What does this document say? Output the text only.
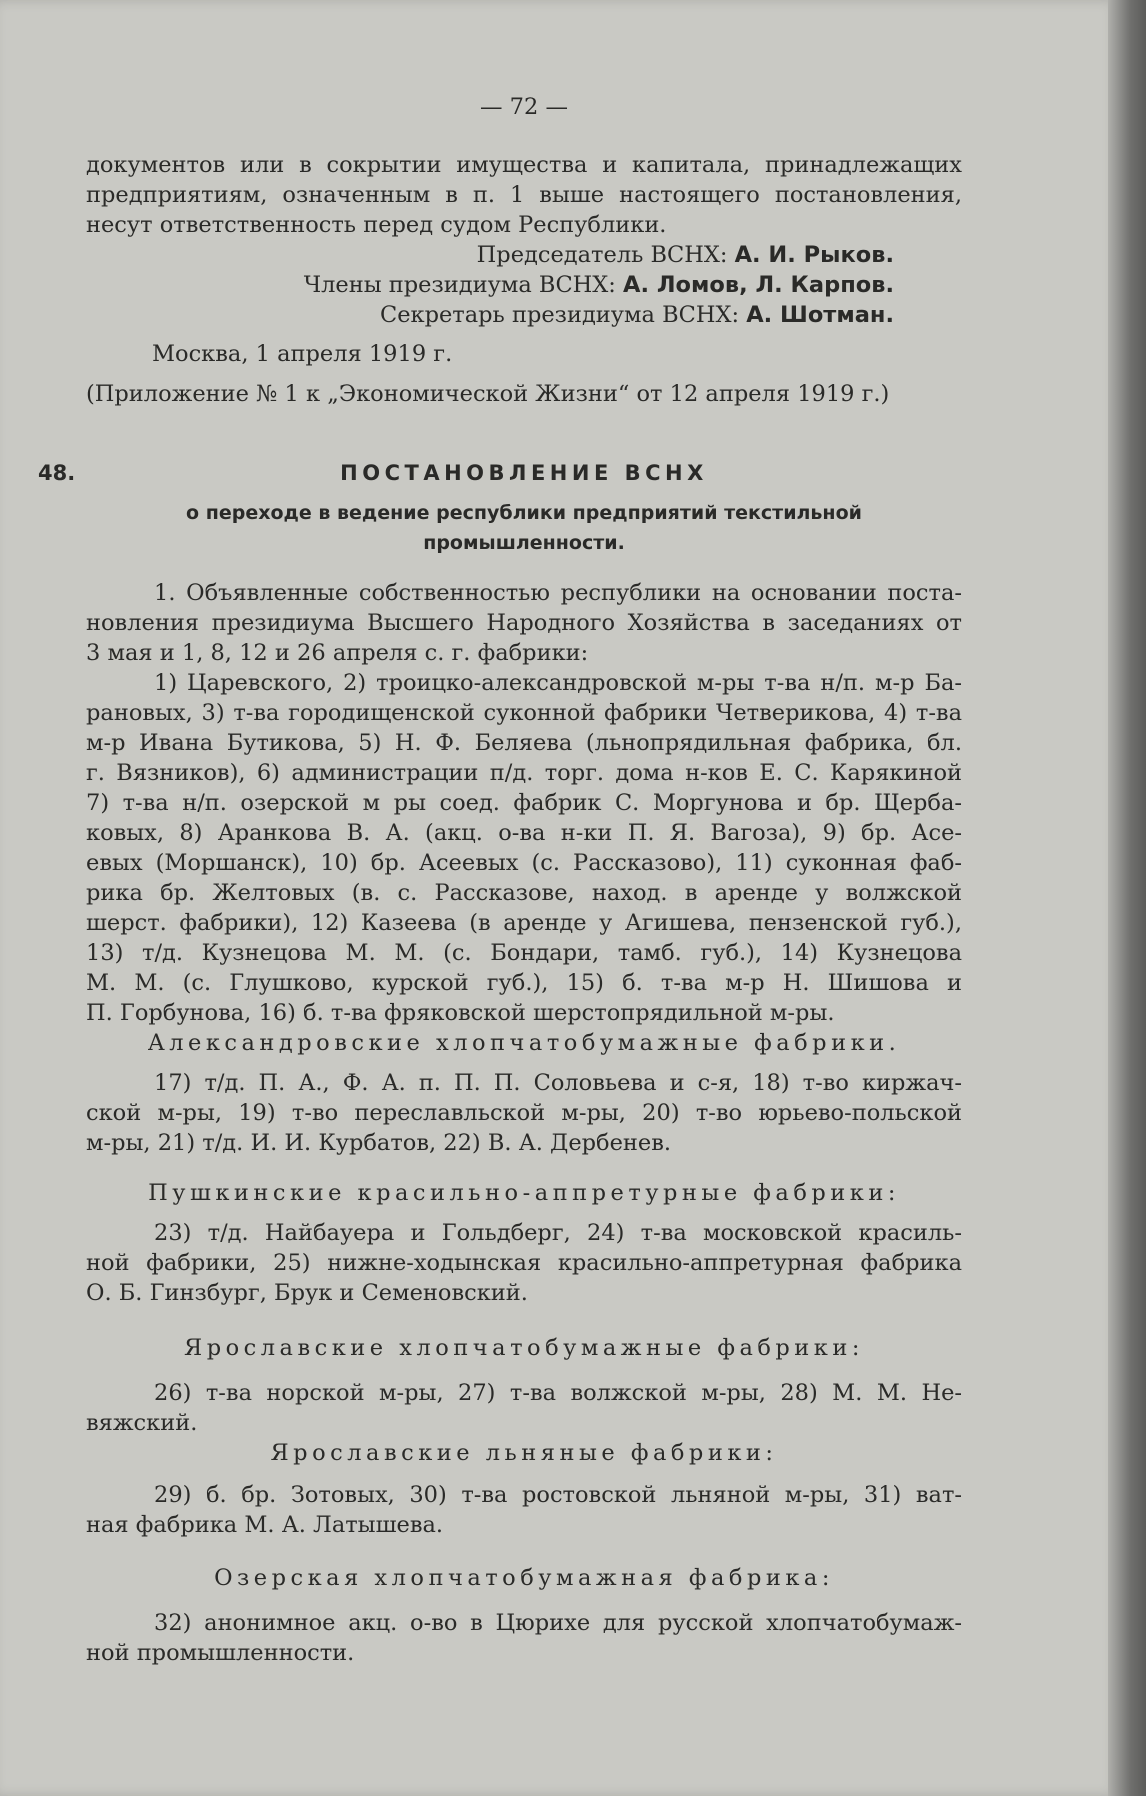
— 72 —
документов или в сокрытии имущества и капитала, принадлежащих
предприятиям, означенным в п. 1 выше настоящего постановления,
несут ответственность перед судом Республики.
Председатель ВСНХ: А. И. Рыков.
Члены президиума ВСНХ: А. Ломов, Л. Карпов.
Секретарь президиума ВСНХ: А. Шотман.
Москва, 1 апреля 1919 г.
(Приложение № 1 к „Экономической Жизни“ от 12 апреля 1919 г.)
48.	ПОСТАНОВЛЕНИЕ ВСНХ
о переходе в ведение республики предприятий текстильной
промышленности.
1. Объявленные собственностью республики на основании поста-
новления президиума Высшего Народного Хозяйства в заседаниях от
3 мая и 1, 8, 12 и 26 апреля с. г. фабрики:
1) Царевского, 2) троицко-александровской м-ры т-ва н/п. м-р Ба-
рановых, 3) т-ва городищенской суконной фабрики Четверикова, 4) т-ва
м-р Ивана Бутикова, 5) Н. Ф. Беляева (льнопрядильная фабрика, бл.
г. Вязников), 6) администрации п/д. торг. дома н-ков Е. С. Карякиной
7) т-ва н/п. озерской м ры соед. фабрик С. Моргунова и бр. Щерба-
ковых, 8) Аранкова В. А. (акц. о-ва н-ки П. Я. Вагоза), 9) бр. Асе-
евых (Моршанск), 10) бр. Асеевых (с. Рассказово), 11) суконная фаб-
рика бр. Желтовых (в. с. Рассказове, наход. в аренде у волжской
шерст. фабрики), 12) Казеева (в аренде у Агишева, пензенской губ.),
13) т/д. Кузнецова М. М. (с. Бондари, тамб. губ.), 14) Кузнецова
М. М. (с. Глушково, курской губ.), 15) б. т-ва м-р Н. Шишова и
П. Горбунова, 16) б. т-ва фряковской шерстопрядильной м-ры.
Александровские хлопчатобумажные фабрики.
17) т/д. П. А., Ф. А. п. П. П. Соловьева и с-я, 18) т-во киржач-
ской м-ры, 19) т-во переславльской м-ры, 20) т-во юрьево-польской
м-ры, 21) т/д. И. И. Курбатов, 22) В. А. Дербенев.
Пушкинские красильно-аппретурные фабрики:
23) т/д. Найбауера и Гольдберг, 24) т-ва московской красиль-
ной фабрики, 25) нижне-ходынская красильно-аппретурная фабрика
О. Б. Гинзбург, Брук и Семеновский.
Ярославские хлопчатобумажные фабрики:
26) т-ва норской м-ры, 27) т-ва волжской м-ры, 28) М. М. Не-
вяжский.
Ярославские льняные фабрики:
29) б. бр. Зотовых, 30) т-ва ростовской льняной м-ры, 31) ват-
ная фабрика М. А. Латышева.
Озерская хлопчатобумажная фабрика:
32) анонимное акц. о-во в Цюрихе для русской хлопчатобумаж-
ной промышленности.
